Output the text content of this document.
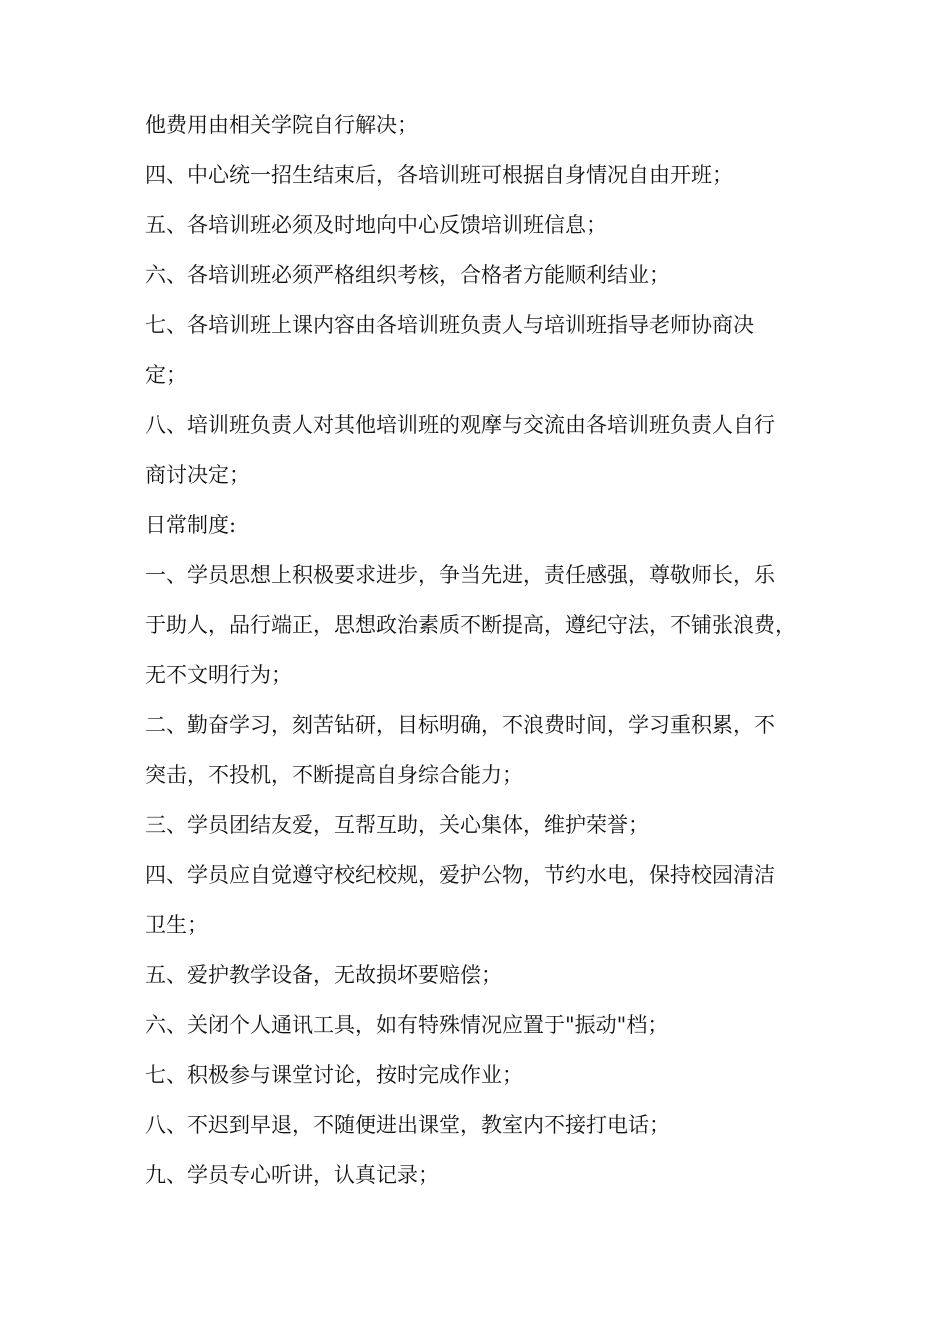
他费用由相关学院自行解决；
四、中心统一招生结束后，各培训班可根据自身情况自由开班；
五、各培训班必须及时地向中心反馈培训班信息；
六、各培训班必须严格组织考核，合格者方能顺利结业；
七、各培训班上课内容由各培训班负责人与培训班指导老师协商决
定；
八、培训班负责人对其他培训班的观摩与交流由各培训班负责人自行
商讨决定；
日常制度:
一、学员思想上积极要求进步，争当先进，责任感强，尊敬师长，乐
于助人，品行端正，思想政治素质不断提高，遵纪守法，不铺张浪费，
无不文明行为；
二、勤奋学习，刻苦钻研，目标明确，不浪费时间，学习重积累，不
突击，不投机，不断提高自身综合能力；
三、学员团结友爱，互帮互助，关心集体，维护荣誉；
四、学员应自觉遵守校纪校规，爱护公物，节约水电，保持校园清洁
卫生；
五、爱护教学设备，无故损坏要赔偿；
六、关闭个人通讯工具，如有特殊情况应置于"振动"档；
七、积极参与课堂讨论，按时完成作业；
八、不迟到早退，不随便进出课堂，教室内不接打电话；
九、学员专心听讲，认真记录；
